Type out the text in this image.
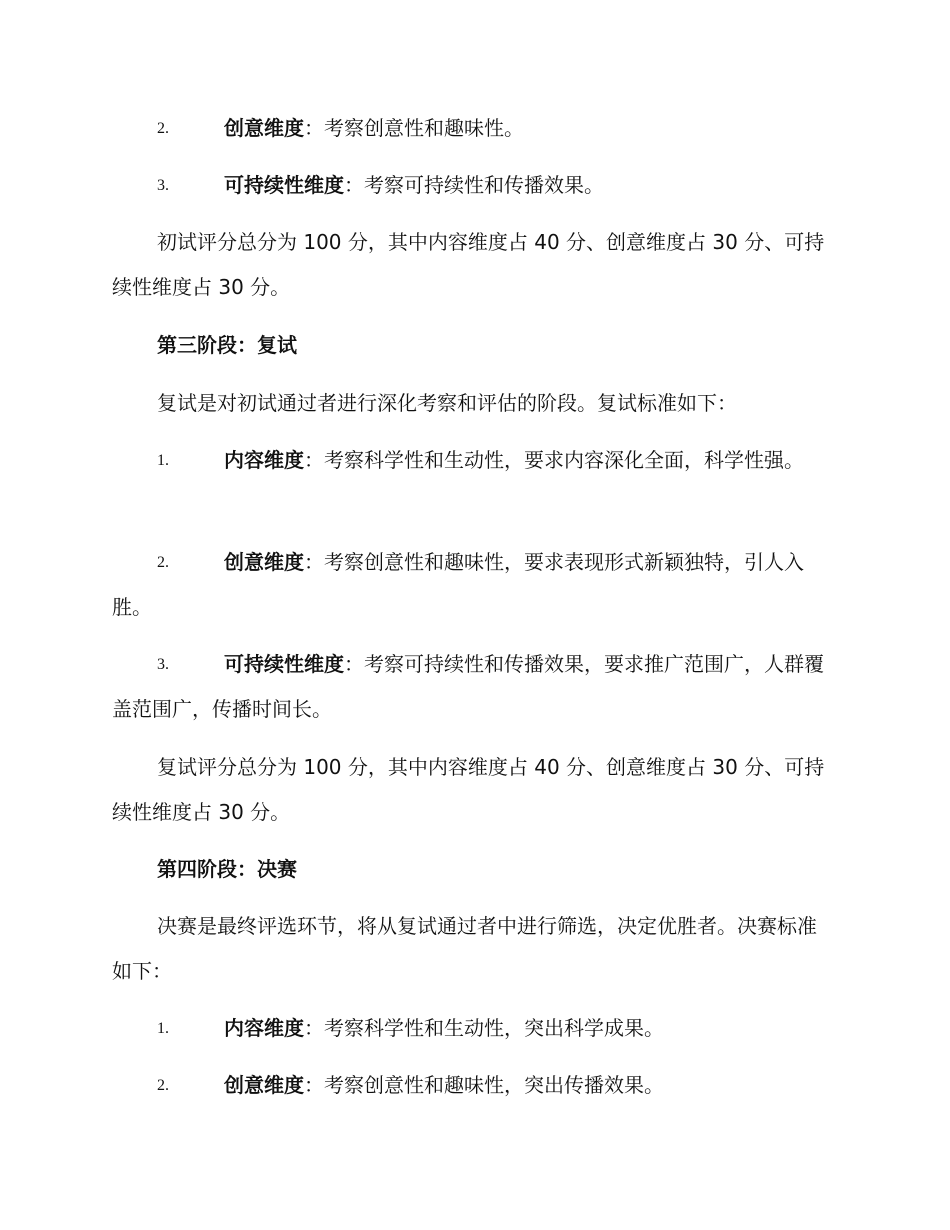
2.	创意维度：考察创意性和趣味性。
3.	可持续性维度：考察可持续性和传播效果。
初试评分总分为 100 分，其中内容维度占 40 分、创意维度占 30 分、可持续性维度占 30 分。
第三阶段：复试
复试是对初试通过者进行深化考察和评估的阶段。复试标准如下：
1.	内容维度：考察科学性和生动性，要求内容深化全面，科学性强。
2.	创意维度：考察创意性和趣味性，要求表现形式新颖独特，引人入胜。
3.	可持续性维度：考察可持续性和传播效果，要求推广范围广，人群覆盖范围广，传播时间长。
复试评分总分为 100 分，其中内容维度占 40 分、创意维度占 30 分、可持续性维度占 30 分。
第四阶段：决赛
决赛是最终评选环节，将从复试通过者中进行筛选，决定优胜者。决赛标准如下：
1.	内容维度：考察科学性和生动性，突出科学成果。
2.	创意维度：考察创意性和趣味性，突出传播效果。
